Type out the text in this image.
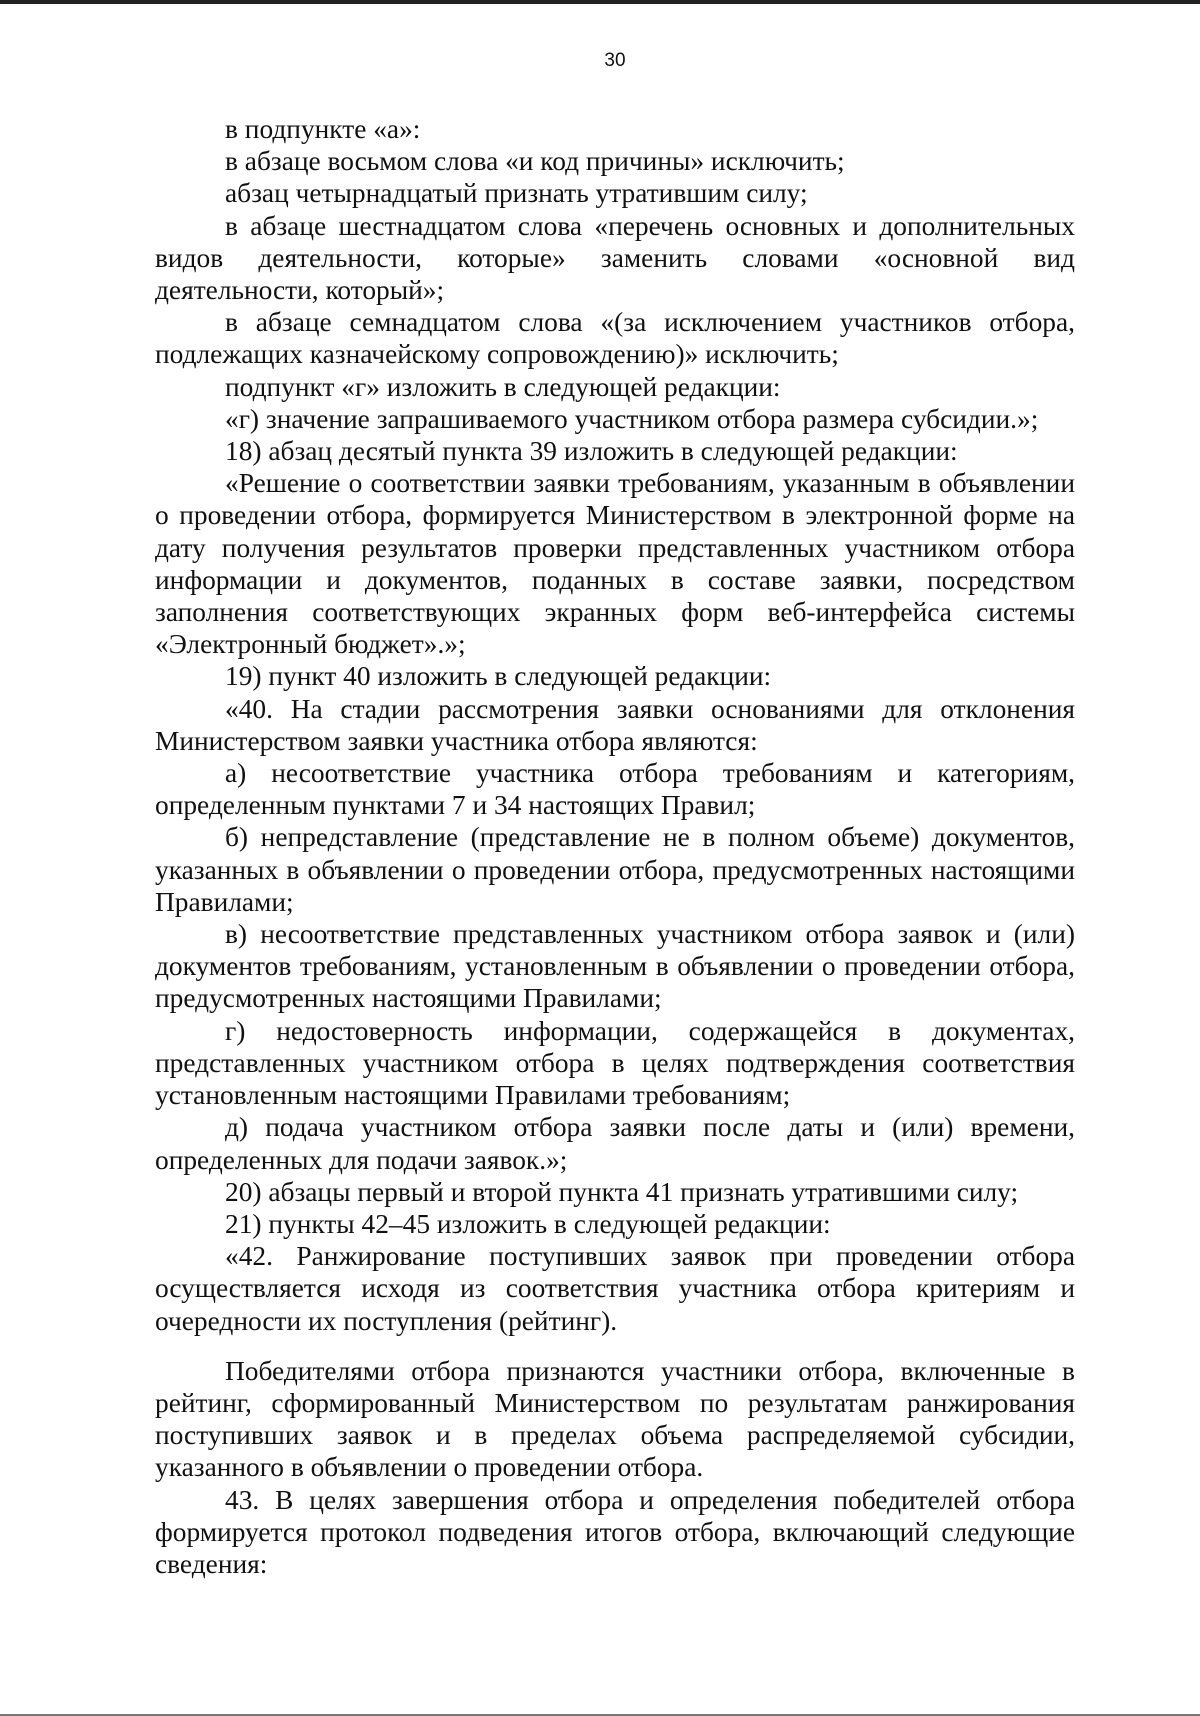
30

в подпункте «а»:

в абзаце восьмом слова «и код причины» исключить;

абзац четырнадцатый признать утратившим силу;

в абзаце шестнадцатом слова «перечень основных и дополнительных видов деятельности, которые» заменить словами «основной вид деятельности, который»;

в абзаце семнадцатом слова «(за исключением участников отбора, подлежащих казначейскому сопровождению)» исключить;

подпункт «г» изложить в следующей редакции:

«г) значение запрашиваемого участником отбора размера субсидии.»;

18) абзац десятый пункта 39 изложить в следующей редакции:

«Решение о соответствии заявки требованиям, указанным в объявлении о проведении отбора, формируется Министерством в электронной форме на дату получения результатов проверки представленных участником отбора информации и документов, поданных в составе заявки, посредством заполнения соответствующих экранных форм веб-интерфейса системы «Электронный бюджет».»;

19) пункт 40 изложить в следующей редакции:

«40. На стадии рассмотрения заявки основаниями для отклонения Министерством заявки участника отбора являются:

а) несоответствие участника отбора требованиям и категориям, определенным пунктами 7 и 34 настоящих Правил;

б) непредставление (представление не в полном объеме) документов, указанных в объявлении о проведении отбора, предусмотренных настоящими Правилами;

в) несоответствие представленных участником отбора заявок и (или) документов требованиям, установленным в объявлении о проведении отбора, предусмотренных настоящими Правилами;

г) недостоверность информации, содержащейся в документах, представленных участником отбора в целях подтверждения соответствия установленным настоящими Правилами требованиям;

д) подача участником отбора заявки после даты и (или) времени, определенных для подачи заявок.»;

20) абзацы первый и второй пункта 41 признать утратившими силу;

21) пункты 42–45 изложить в следующей редакции:

«42. Ранжирование поступивших заявок при проведении отбора осуществляется исходя из соответствия участника отбора критериям и очередности их поступления (рейтинг).

Победителями отбора признаются участники отбора, включенные в рейтинг, сформированный Министерством по результатам ранжирования поступивших заявок и в пределах объема распределяемой субсидии, указанного в объявлении о проведении отбора.

43. В целях завершения отбора и определения победителей отбора формируется протокол подведения итогов отбора, включающий следующие сведения:
